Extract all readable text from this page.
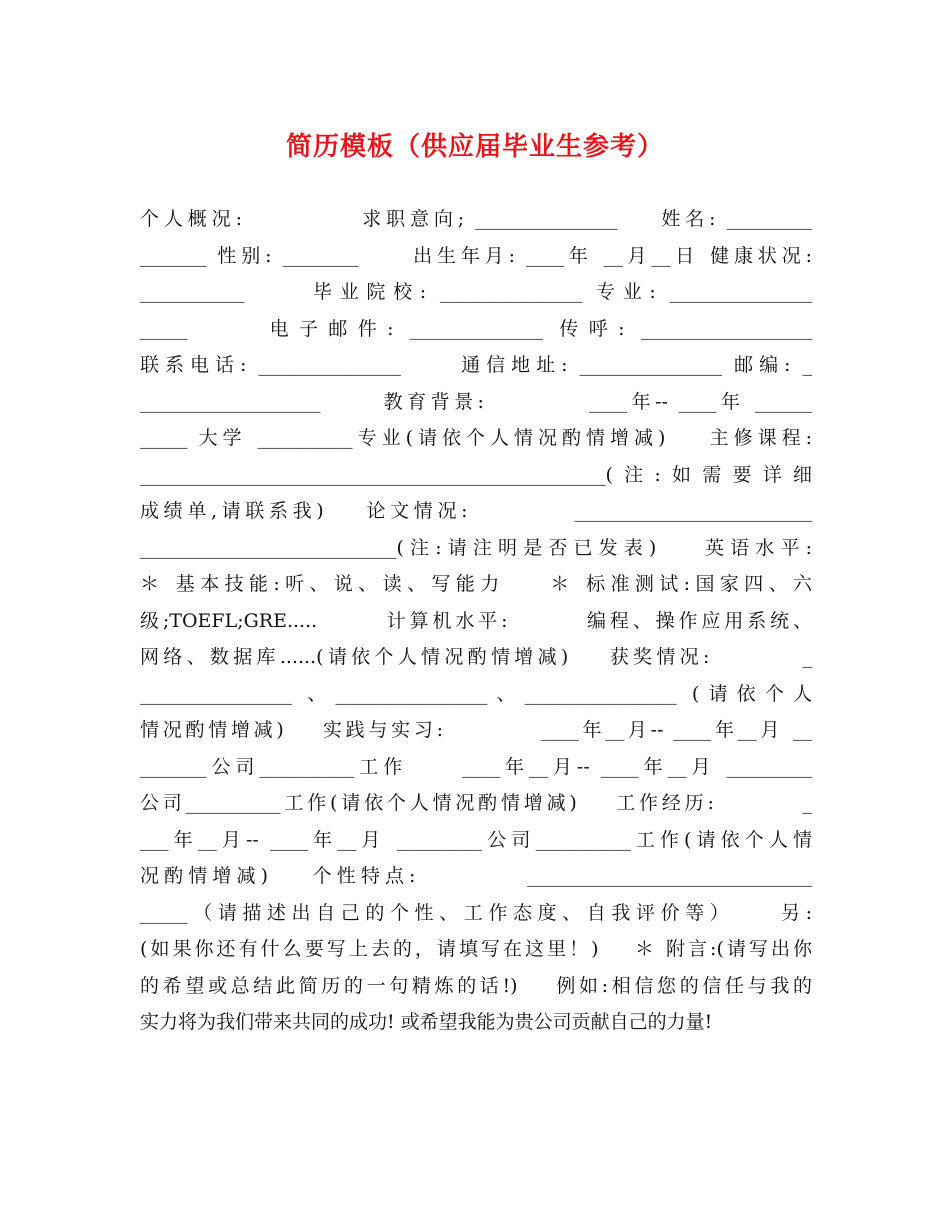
简历模板（供应届毕业生参考）
个人概况:           求职意向; _______________    姓名: _________
_______ 性别: ________     出生年月: ____年 __月__日 健康状况:
___________     毕业院校: _______________ 专业: _______________
_____     电子邮件: ______________ 传呼: __________________
联系电话: _______________     通信地址: _______________ 邮编: _
___________________      教育背景:          ____年-- ____年 ______
_____ 大学 __________专业(请依个人情况酌情增减)    主修课程:
_________________________________________________(注:如需要详细
成绩单,请联系我)    论文情况:          _________________________
___________________________(注:请注明是否已发表)    英语水平:
＊ 基本技能:听、说、读、写能力    ＊ 标准测试:国家四、六
级;TOEFL;GRE.....       计算机水平:        编程、操作应用系统、
网络、数据库......(请依个人情况酌情增减)    获奖情况:         _
________________ 、________________、________________ (请依个人
情况酌情增减)    实践与实习:          ____年__月-- ____年__月 __
_______公司__________工作     ____年__月-- ____年__月 _________
公司__________工作(请依个人情况酌情增减)    工作经历:         _
___年__月-- ____年__月 _________公司__________工作(请依个人情
况酌情增减)    个性特点:          ______________________________
_____（请描述出自己的个性、工作态度、自我评价等）    另:
(如果你还有什么要写上去的，请填写在这里！)    ＊ 附言:(请写出你
的希望或总结此简历的一句精炼的话!)    例如:相信您的信任与我的
实力将为我们带来共同的成功! 或希望我能为贵公司贡献自己的力量!
